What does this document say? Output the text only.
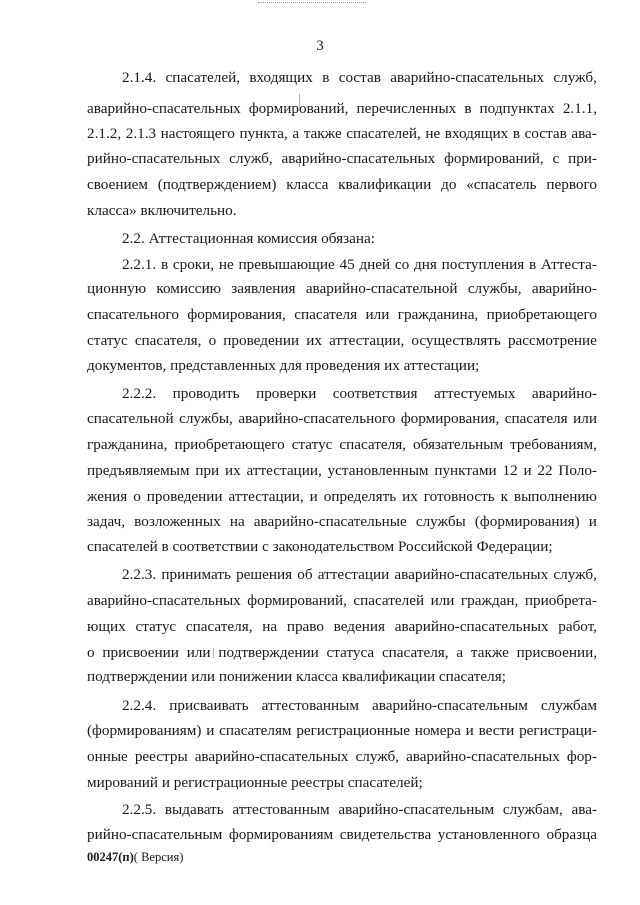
3
2.1.4. спасателей, входящих в состав аварийно-спасательных служб,
аварийно-спасательных формирований, перечисленных в подпунктах 2.1.1,
2.1.2, 2.1.3 настоящего пункта, а также спасателей, не входящих в состав ава-
рийно-спасательных служб, аварийно-спасательных формирований, с при-
своением (подтверждением) класса квалификации до «спасатель первого
класса» включительно.
2.2. Аттестационная комиссия обязана:
2.2.1. в сроки, не превышающие 45 дней со дня поступления в Аттеста-
ционную комиссию заявления аварийно-спасательной службы, аварийно-
спасательного формирования, спасателя или гражданина, приобретающего
статус спасателя, о проведении их аттестации, осуществлять рассмотрение
документов, представленных для проведения их аттестации;
2.2.2. проводить проверки соответствия аттестуемых аварийно-
спасательной службы, аварийно-спасательного формирования, спасателя или
гражданина, приобретающего статус спасателя, обязательным требованиям,
предъявляемым при их аттестации, установленным пунктами 12 и 22 Поло-
жения о проведении аттестации, и определять их готовность к выполнению
задач, возложенных на аварийно-спасательные службы (формирования) и
спасателей в соответствии с законодательством Российской Федерации;
2.2.3. принимать решения об аттестации аварийно-спасательных служб,
аварийно-спасательных формирований, спасателей или граждан, приобрета-
ющих статус спасателя, на право ведения аварийно-спасательных работ,
о присвоении или подтверждении статуса спасателя, а также присвоении,
подтверждении или понижении класса квалификации спасателя;
2.2.4. присваивать аттестованным аварийно-спасательным службам
(формированиям) и спасателям регистрационные номера и вести регистраци-
онные реестры аварийно-спасательных служб, аварийно-спасательных фор-
мирований и регистрационные реестры спасателей;
2.2.5. выдавать аттестованным аварийно-спасательным службам, ава-
рийно-спасательным формированиям свидетельства установленного образца
00247(п)( Версия)
